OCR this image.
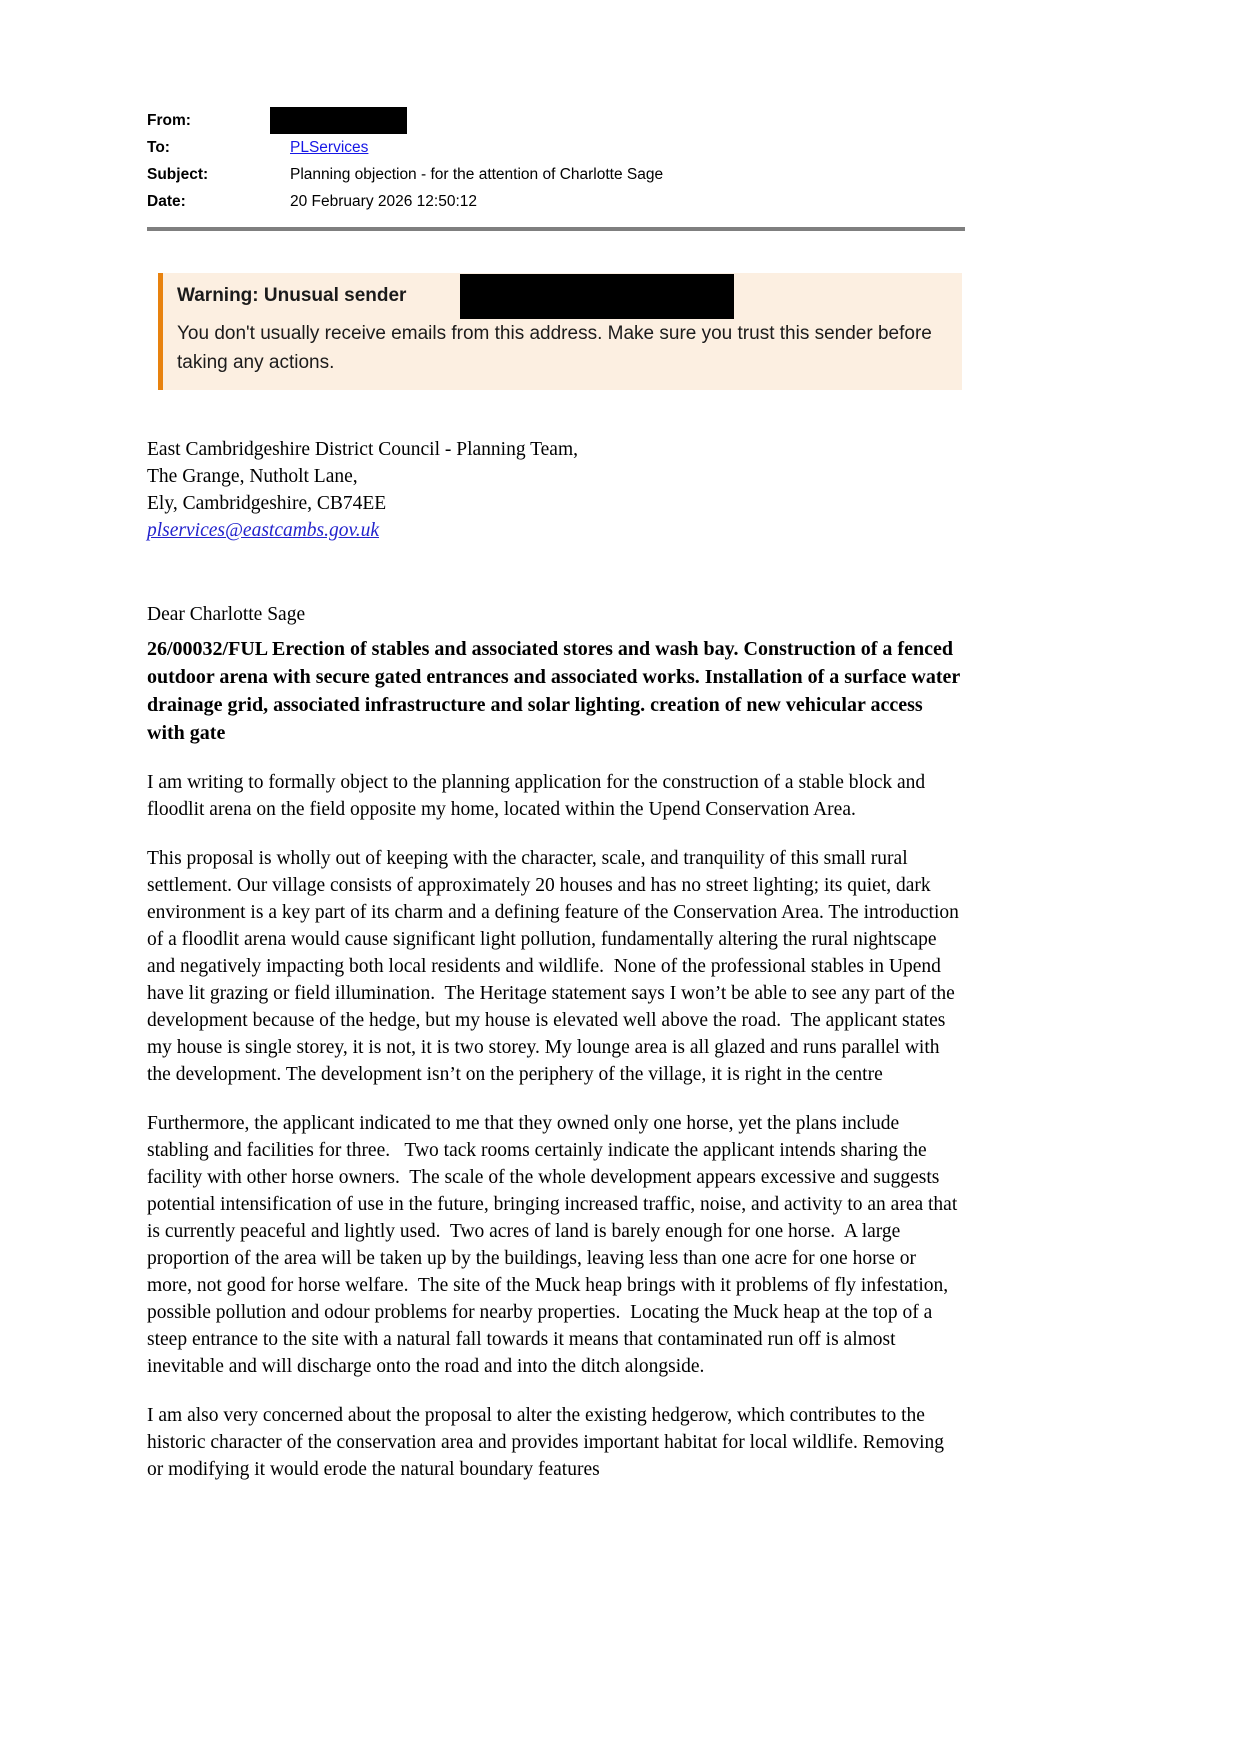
From:
To:	PLServices
Subject:	Planning objection - for the attention of Charlotte Sage
Date:	20 February 2026 12:50:12
Warning: Unusual sender
You don't usually receive emails from this address. Make sure you trust this sender before taking any actions.
East Cambridgeshire District Council - Planning Team,
The Grange, Nutholt Lane,
Ely, Cambridgeshire, CB74EE
plservices@eastcambs.gov.uk
Dear Charlotte Sage

26/00032/FUL Erection of stables and associated stores and wash bay. Construction of a fenced outdoor arena with secure gated entrances and associated works. Installation of a surface water drainage grid, associated infrastructure and solar lighting. creation of new vehicular access with gate

I am writing to formally object to the planning application for the construction of a stable block and floodlit arena on the field opposite my home, located within the Upend Conservation Area.

This proposal is wholly out of keeping with the character, scale, and tranquility of this small rural settlement. Our village consists of approximately 20 houses and has no street lighting; its quiet, dark environment is a key part of its charm and a defining feature of the Conservation Area. The introduction of a floodlit arena would cause significant light pollution, fundamentally altering the rural nightscape and negatively impacting both local residents and wildlife.  None of the professional stables in Upend have lit grazing or field illumination.  The Heritage statement says I won’t be able to see any part of the development because of the hedge, but my house is elevated well above the road.  The applicant states my house is single storey, it is not, it is two storey. My lounge area is all glazed and runs parallel with the development. The development isn’t on the periphery of the village, it is right in the centre

Furthermore, the applicant indicated to me that they owned only one horse, yet the plans include stabling and facilities for three.   Two tack rooms certainly indicate the applicant intends sharing the facility with other horse owners.  The scale of the whole development appears excessive and suggests potential intensification of use in the future, bringing increased traffic, noise, and activity to an area that is currently peaceful and lightly used.  Two acres of land is barely enough for one horse.  A large proportion of the area will be taken up by the buildings, leaving less than one acre for one horse or more, not good for horse welfare.  The site of the Muck heap brings with it problems of fly infestation, possible pollution and odour problems for nearby properties.  Locating the Muck heap at the top of a steep entrance to the site with a natural fall towards it means that contaminated run off is almost inevitable and will discharge onto the road and into the ditch alongside.

I am also very concerned about the proposal to alter the existing hedgerow, which contributes to the historic character of the conservation area and provides important habitat for local wildlife. Removing or modifying it would erode the natural boundary features
